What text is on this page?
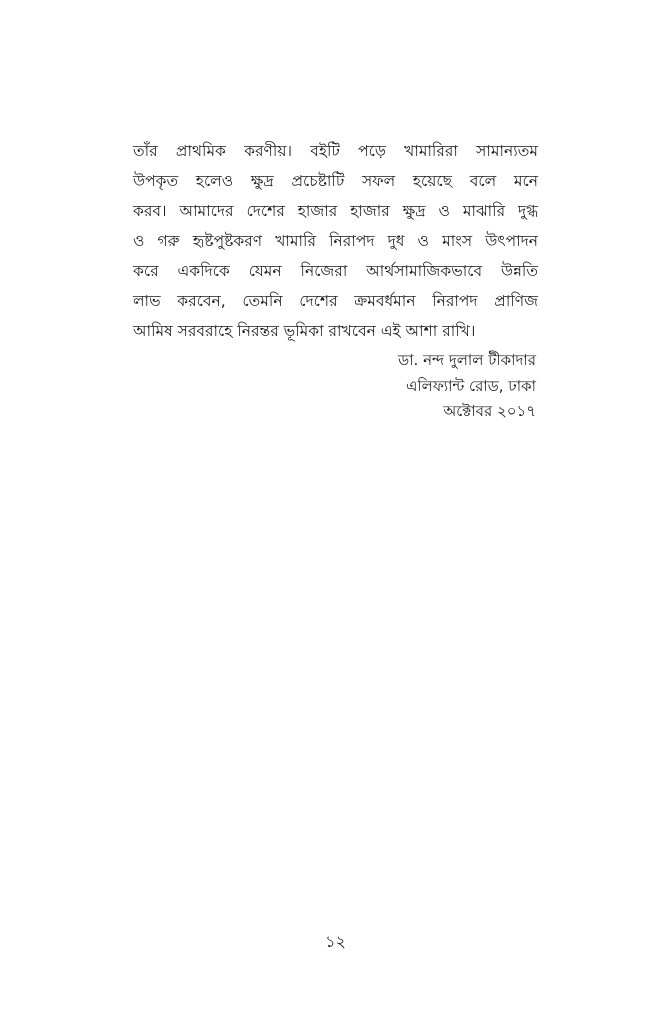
তাঁর প্রাথমিক করণীয়। বইটি পড়ে খামারিরা সামান্যতম
উপকৃত হলেও ক্ষুদ্র প্রচেষ্টাটি সফল হয়েছে বলে মনে
করব। আমাদের দেশের হাজার হাজার ক্ষুদ্র ও মাঝারি দুগ্ধ
ও গরু হৃষ্টপুষ্টকরণ খামারি নিরাপদ দুধ ও মাংস উৎপাদন
করে একদিকে যেমন নিজেরা আর্থসামাজিকভাবে উন্নতি
লাভ করবেন, তেমনি দেশের ক্রমবর্ধমান নিরাপদ প্রাণিজ
আমিষ সরবরাহে নিরন্তর ভূমিকা রাখবেন এই আশা রাখি।
ডা. নন্দ দুলাল টীকাদার
এলিফ্যান্ট রোড, ঢাকা
অক্টোবর ২০১৭
১২
